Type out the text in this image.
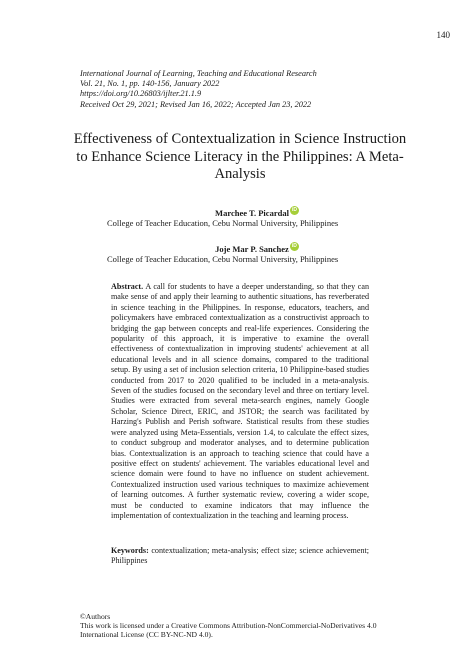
140
International Journal of Learning, Teaching and Educational Research
Vol. 21, No. 1, pp. 140-156, January 2022
https://doi.org/10.26803/ijlter.21.1.9
Received Oct 29, 2021; Revised Jan 16, 2022; Accepted Jan 23, 2022
Effectiveness of Contextualization in Science Instruction to Enhance Science Literacy in the Philippines: A Meta-Analysis
Marchee T. Picardal iD
College of Teacher Education, Cebu Normal University, Philippines
Joje Mar P. Sanchez iD
College of Teacher Education, Cebu Normal University, Philippines
Abstract. A call for students to have a deeper understanding, so that they can make sense of and apply their learning to authentic situations, has reverberated in science teaching in the Philippines. In response, educators, teachers, and policymakers have embraced contextualization as a constructivist approach to bridging the gap between concepts and real-life experiences. Considering the popularity of this approach, it is imperative to examine the overall effectiveness of contextualization in improving students' achievement at all educational levels and in all science domains, compared to the traditional setup. By using a set of inclusion selection criteria, 10 Philippine-based studies conducted from 2017 to 2020 qualified to be included in a meta-analysis. Seven of the studies focused on the secondary level and three on tertiary level. Studies were extracted from several meta-search engines, namely Google Scholar, Science Direct, ERIC, and JSTOR; the search was facilitated by Harzing's Publish and Perish software. Statistical results from these studies were analyzed using Meta-Essentials, version 1.4, to calculate the effect sizes, to conduct subgroup and moderator analyses, and to determine publication bias. Contextualization is an approach to teaching science that could have a positive effect on students' achievement. The variables educational level and science domain were found to have no influence on student achievement. Contextualized instruction used various techniques to maximize achievement of learning outcomes. A further systematic review, covering a wider scope, must be conducted to examine indicators that may influence the implementation of contextualization in the teaching and learning process.
Keywords: contextualization; meta-analysis; effect size; science achievement; Philippines
©Authors
This work is licensed under a Creative Commons Attribution-NonCommercial-NoDerivatives 4.0
International License (CC BY-NC-ND 4.0).
